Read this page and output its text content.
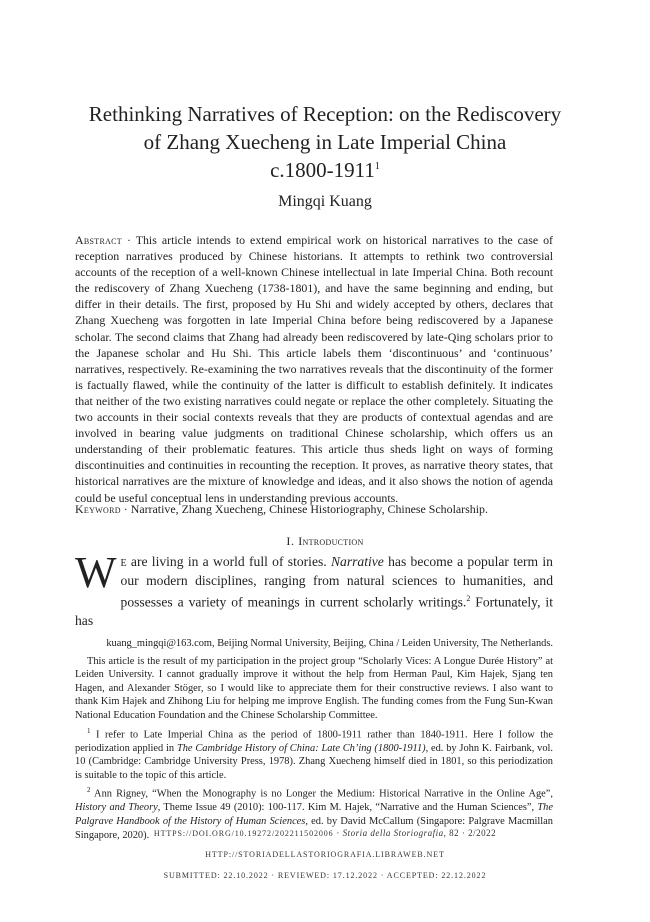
Rethinking Narratives of Reception: on the Rediscovery
of Zhang Xuecheng in Late Imperial China
c.1800-1911$^1$
Mingqi Kuang
Abstract · This article intends to extend empirical work on historical narratives to the case of reception narratives produced by Chinese historians. It attempts to rethink two controversial accounts of the reception of a well-known Chinese intellectual in late Imperial China. Both recount the rediscovery of Zhang Xuecheng (1738-1801), and have the same beginning and ending, but differ in their details. The first, proposed by Hu Shi and widely accepted by others, declares that Zhang Xuecheng was forgotten in late Imperial China before being rediscovered by a Japanese scholar. The second claims that Zhang had already been rediscovered by late-Qing scholars prior to the Japanese scholar and Hu Shi. This article labels them ‘discontinuous’ and ‘continuous’ narratives, respectively. Re-examining the two narratives reveals that the discontinuity of the former is factually flawed, while the continuity of the latter is difficult to establish definitely. It indicates that neither of the two existing narratives could negate or replace the other completely. Situating the two accounts in their social contexts reveals that they are products of contextual agendas and are involved in bearing value judgments on traditional Chinese scholarship, which offers us an understanding of their problematic features. This article thus sheds light on ways of forming discontinuities and continuities in recounting the reception. It proves, as narrative theory states, that historical narratives are the mixture of knowledge and ideas, and it also shows the notion of agenda could be useful conceptual lens in understanding previous accounts.
Keyword · Narrative, Zhang Xuecheng, Chinese Historiography, Chinese Scholarship.
I. Introduction
We are living in a world full of stories. Narrative has become a popular term in our modern disciplines, ranging from natural sciences to humanities, and possesses a variety of meanings in current scholarly writings.$^2$ Fortunately, it has

kuang_mingqi@163.com, Beijing Normal University, Beijing, China / Leiden University, The Netherlands.

This article is the result of my participation in the project group “Scholarly Vices: A Longue Durée History” at Leiden University. I cannot gradually improve it without the help from Herman Paul, Kim Hajek, Sjang ten Hagen, and Alexander Stöger, so I would like to appreciate them for their constructive reviews. I also want to thank Kim Hajek and Zhihong Liu for helping me improve English. The funding comes from the Fung Sun-Kwan National Education Foundation and the Chinese Scholarship Committee.

$^1$ I refer to Late Imperial China as the period of 1800-1911 rather than 1840-1911. Here I follow the periodization applied in The Cambridge History of China: Late Ch’ing (1800-1911), ed. by John K. Fairbank, vol. 10 (Cambridge: Cambridge University Press, 1978). Zhang Xuecheng himself died in 1801, so this periodization is suitable to the topic of this article.

$^2$ Ann Rigney, “When the Monography is no Longer the Medium: Historical Narrative in the Online Age”, History and Theory, Theme Issue 49 (2010): 100-117. Kim M. Hajek, “Narrative and the Human Sciences”, The Palgrave Handbook of the History of Human Sciences, ed. by David McCallum (Singapore: Palgrave Macmillan Singapore, 2020). HTTPS://DOI.ORG/10.19272/202211502006 · Storia della Storiografia, 82 · 2/2022
HTTP://STORIADELLASTORIOGRAFIA.LIBRAWEB.NET
SUBMITTED: 22.10.2022 · REVIEWED: 17.12.2022 · ACCEPTED: 22.12.2022
